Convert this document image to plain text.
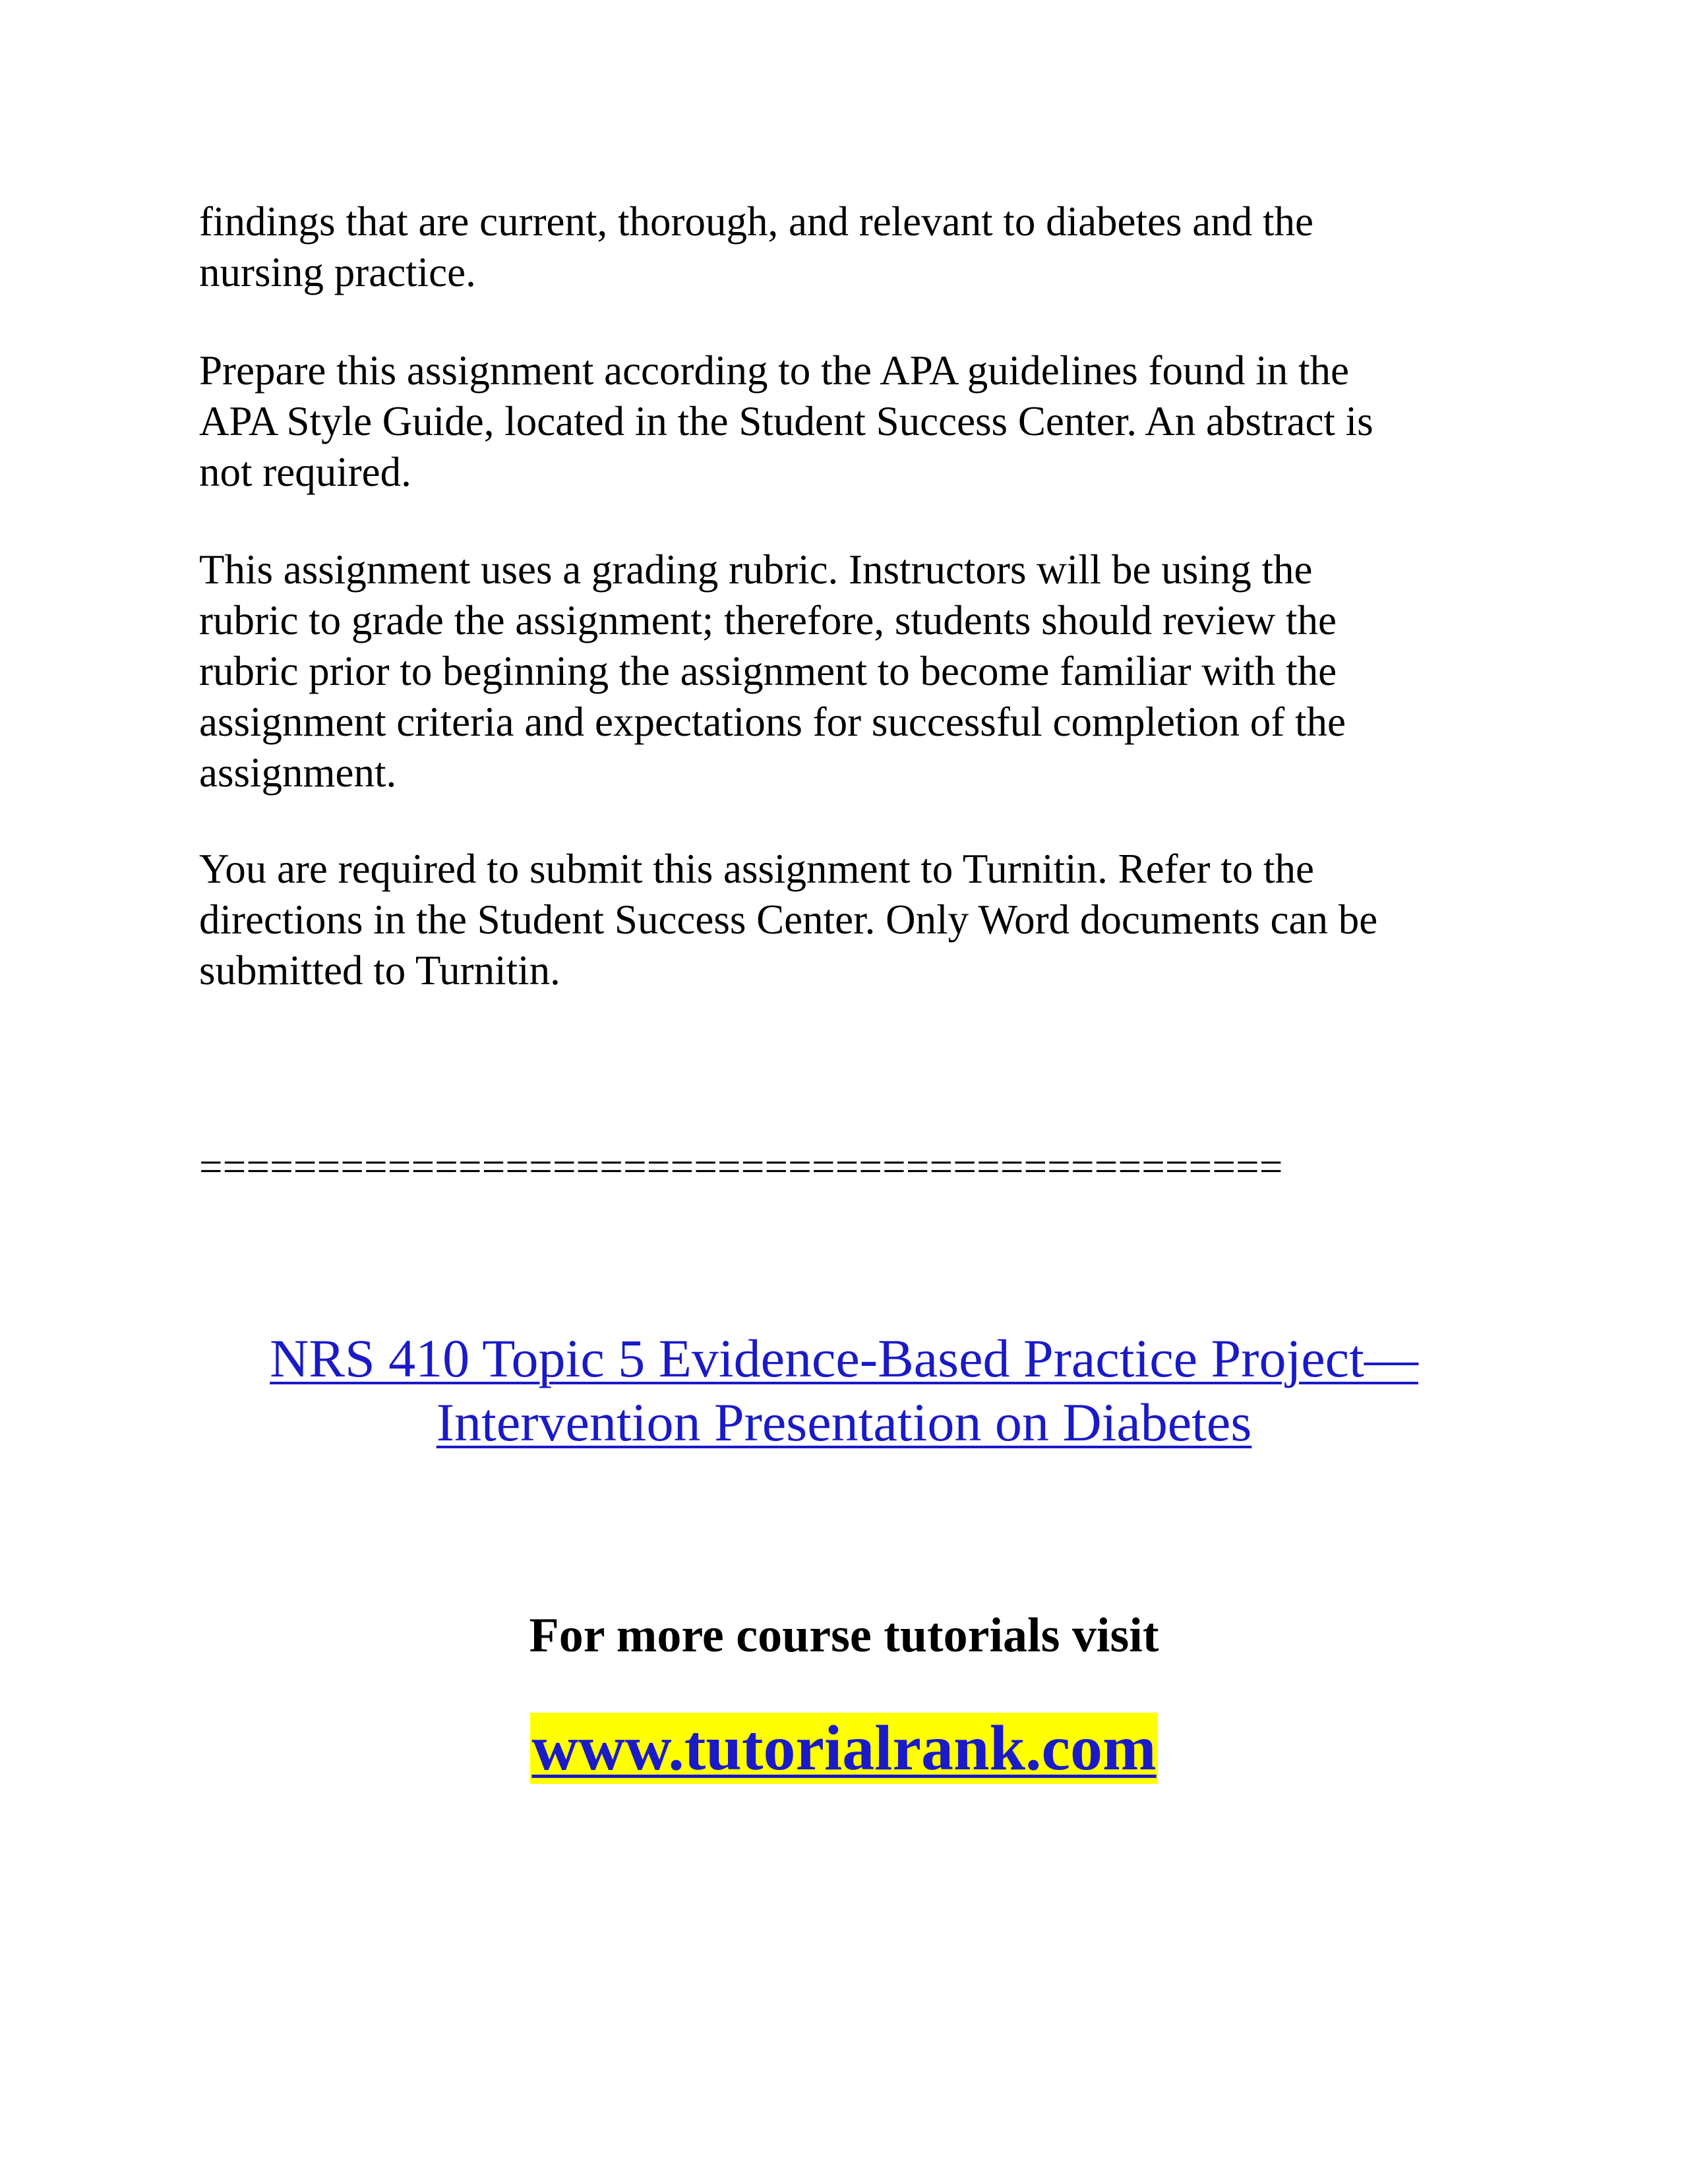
findings that are current, thorough, and relevant to diabetes and the
nursing practice.

Prepare this assignment according to the APA guidelines found in the
APA Style Guide, located in the Student Success Center. An abstract is
not required.

This assignment uses a grading rubric. Instructors will be using the
rubric to grade the assignment; therefore, students should review the
rubric prior to beginning the assignment to become familiar with the
assignment criteria and expectations for successful completion of the
assignment.

You are required to submit this assignment to Turnitin. Refer to the
directions in the Student Success Center. Only Word documents can be
submitted to Turnitin.

==============================================
NRS 410 Topic 5 Evidence-Based Practice Project—
Intervention Presentation on Diabetes
For more course tutorials visit
www.tutorialrank.com
